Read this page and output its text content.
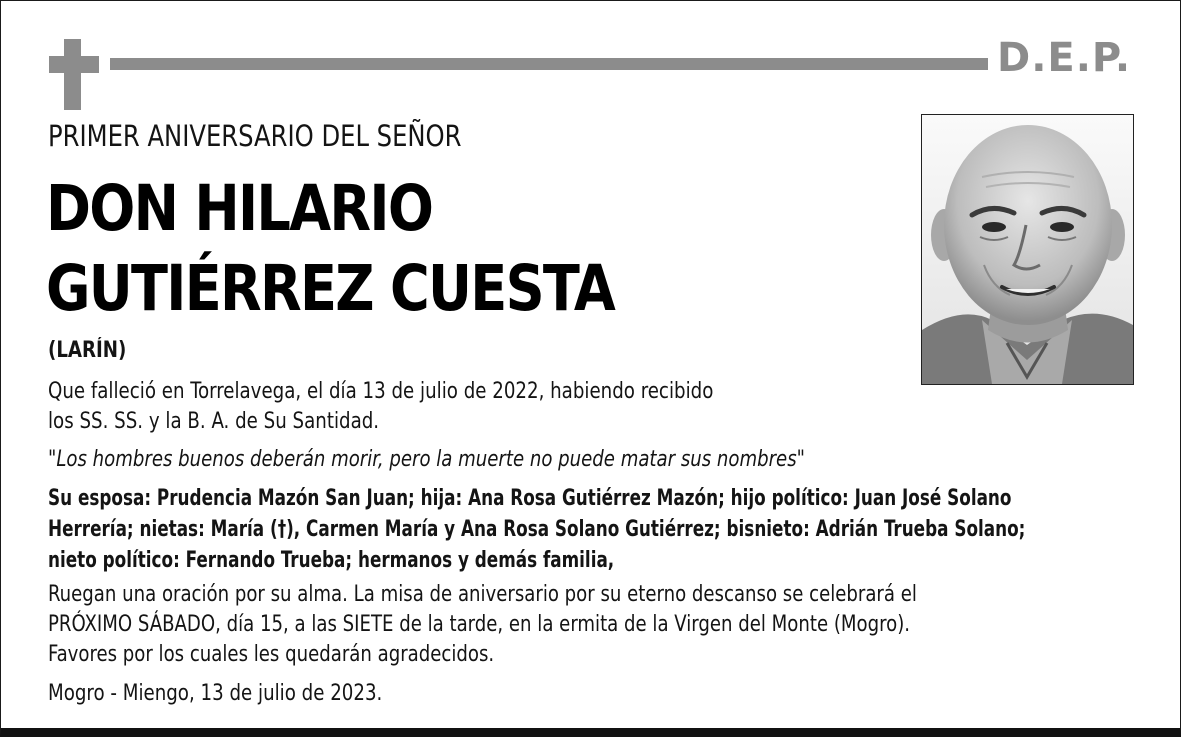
D.E.P.
PRIMER ANIVERSARIO DEL SEÑOR
DON HILARIO
GUTIÉRREZ CUESTA
(LARÍN)
Que falleció en Torrelavega, el día 13 de julio de 2022, habiendo recibido
los SS. SS. y la B. A. de Su Santidad.
"Los hombres buenos deberán morir, pero la muerte no puede matar sus nombres"
Su esposa: Prudencia Mazón San Juan; hija: Ana Rosa Gutiérrez Mazón; hijo político: Juan José Solano
Herrería; nietas: María (†), Carmen María y Ana Rosa Solano Gutiérrez; bisnieto: Adrián Trueba Solano;
nieto político: Fernando Trueba; hermanos y demás familia,
Ruegan una oración por su alma. La misa de aniversario por su eterno descanso se celebrará el
PRÓXIMO SÁBADO, día 15, a las SIETE de la tarde, en la ermita de la Virgen del Monte (Mogro).
Favores por los cuales les quedarán agradecidos.
Mogro - Miengo, 13 de julio de 2023.
